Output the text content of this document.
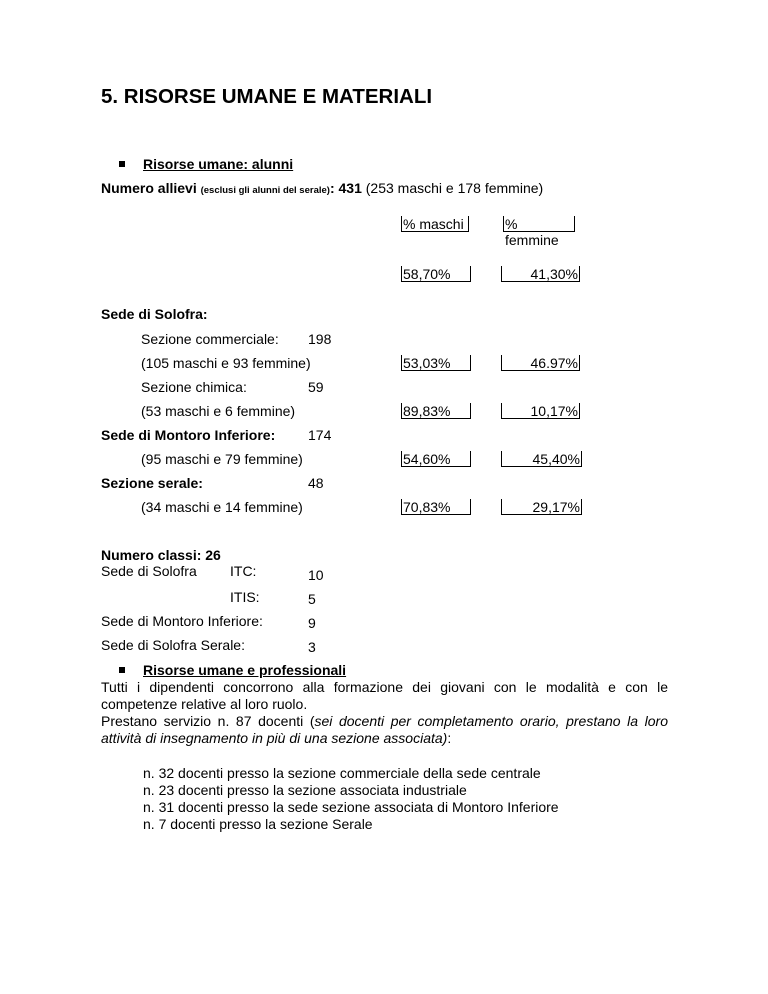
5. RISORSE UMANE E MATERIALI
Risorse umane: alunni
Numero allievi (esclusi gli alunni del serale): 431 (253 maschi e 178 femmine)
% maschi	% femmine
58,70%	41,30%
Sede di Solofra:
Sezione commerciale: 198
(105 maschi e 93 femmine)	53,03%	46.97%
Sezione chimica:	59
(53 maschi e 6 femmine)	89,83%	10,17%
Sede di Montoro Inferiore: 174
(95 maschi e 79 femmine)	54,60%	45,40%
Sezione serale:	48
(34 maschi e 14 femmine)	70,83%	29,17%
Numero classi: 26
Sede di Solofra ITC:	10
ITIS:	5
Sede di Montoro Inferiore:	9
Sede di Solofra Serale:	3
Risorse umane e professionali
Tutti i dipendenti concorrono alla formazione dei giovani con le modalità e con le
competenze relative al loro ruolo.
Prestano servizio n. 87 docenti (sei docenti per completamento orario, prestano la loro
attività di insegnamento in più di una sezione associata):
n. 32 docenti presso la sezione commerciale della sede centrale
n. 23 docenti presso la sezione associata industriale
n. 31 docenti presso la sede sezione associata di Montoro Inferiore
n. 7 docenti presso la sezione Serale
